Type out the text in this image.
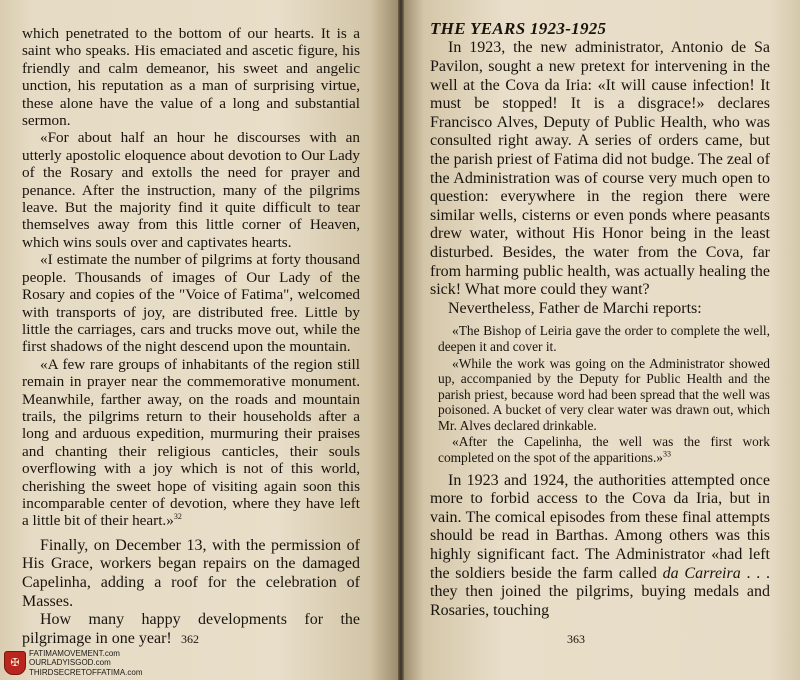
which penetrated to the bottom of our hearts. It is a saint who speaks. His emaciated and ascetic figure, his friendly and calm demeanor, his sweet and angelic unction, his reputation as a man of surprising virtue, these alone have the value of a long and substantial sermon.

«For about half an hour he discourses with an utterly apostolic eloquence about devotion to Our Lady of the Rosary and extolls the need for prayer and penance. After the instruction, many of the pilgrims leave. But the majority find it quite difficult to tear themselves away from this little corner of Heaven, which wins souls over and captivates hearts.

«I estimate the number of pilgrims at forty thousand people. Thousands of images of Our Lady of the Rosary and copies of the "Voice of Fatima", welcomed with transports of joy, are distributed free. Little by little the carriages, cars and trucks move out, while the first shadows of the night descend upon the mountain.

«A few rare groups of inhabitants of the region still remain in prayer near the commemorative monument. Meanwhile, farther away, on the roads and mountain trails, the pilgrims return to their households after a long and arduous expedition, murmuring their praises and chanting their religious canticles, their souls overflowing with a joy which is not of this world, cherishing the sweet hope of visiting again soon this incomparable center of devotion, where they have left a little bit of their heart.»$^{32}$

Finally, on December 13, with the permission of His Grace, workers began repairs on the damaged Capelinha, adding a roof for the celebration of Masses.

How many happy developments for the pilgrimage in one year! 362
THE YEARS 1923-1925

In 1923, the new administrator, Antonio de Sa Pavilon, sought a new pretext for intervening in the well at the Cova da Iria: «It will cause infection! It must be stopped! It is a disgrace!» declares Francisco Alves, Deputy of Public Health, who was consulted right away. A series of orders came, but the parish priest of Fatima did not budge. The zeal of the Administration was of course very much open to question: everywhere in the region there were similar wells, cisterns or even ponds where peasants drew water, without His Honor being in the least disturbed. Besides, the water from the Cova, far from harming public health, was actually healing the sick! What more could they want?

Nevertheless, Father de Marchi reports:

«The Bishop of Leiria gave the order to complete the well, deepen it and cover it.

«While the work was going on the Administrator showed up, accompanied by the Deputy for Public Health and the parish priest, because word had been spread that the well was poisoned. A bucket of very clear water was drawn out, which Mr. Alves declared drinkable.

«After the Capelinha, the well was the first work completed on the spot of the apparitions.»$^{33}$

In 1923 and 1924, the authorities attempted once more to forbid access to the Cova da Iria, but in vain. The comical episodes from these final attempts should be read in Barthas. Among others was this highly significant fact. The Administrator «had left the soldiers beside the farm called da Carreira . . . they then joined the pilgrims, buying medals and Rosaries, touching

363
✠
FATIMAMOVEMENT.com
OURLADYISGOD.com
THIRDSECRETOFFATIMA.com
